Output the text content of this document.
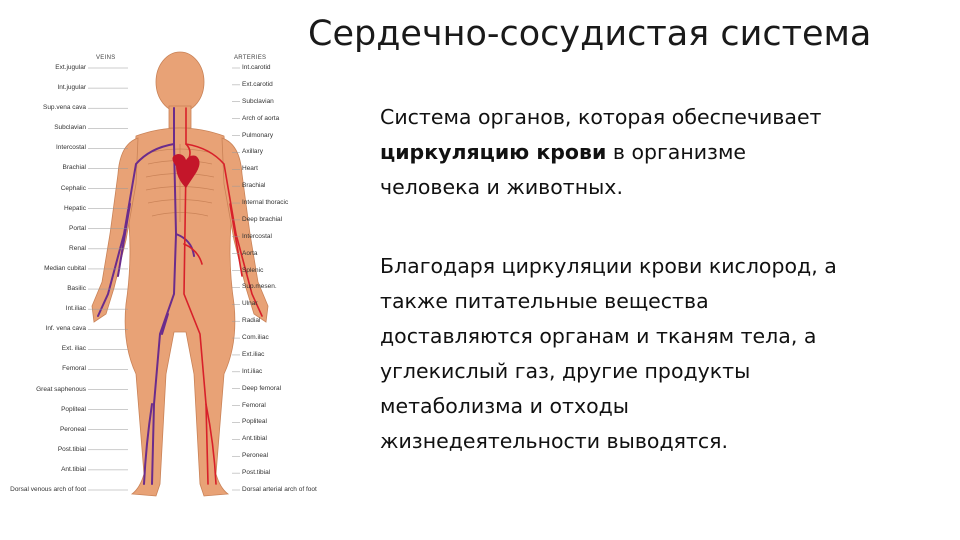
Сердечно-сосудистая система

Система органов, которая обеспечивает циркуляцию крови в организме человека и животных.

Благодаря циркуляции крови кислород, а также питательные вещества доставляются органам и тканям тела, а углекислый газ, другие продукты метаболизма и отходы жизнедеятельности выводятся.

VEINS	ARTERIES
Ext.jugular
Int.jugular
Sup.vena cava
Subclavian
Intercostal
Brachial
Cephalic
Hepatic
Portal
Renal
Median cubital
Basilic
Int.iliac
Inf. vena cava
Ext. iliac
Femoral
Great saphenous
Popliteal
Peroneal
Post.tibial
Ant.tibial
Dorsal venous arch of foot
Int.carotid
Ext.carotid
Subclavian
Arch of aorta
Pulmonary
Axillary
Heart
Brachial
Internal thoracic
Deep brachial
Intercostal
Aorta
Splenic
Sup.mesen.
Ulnar
Radial
Com.iliac
Ext.iliac
Int.iliac
Deep femoral
Femoral
Popliteal
Ant.tibial
Peroneal
Post.tibial
Dorsal arterial arch of foot
